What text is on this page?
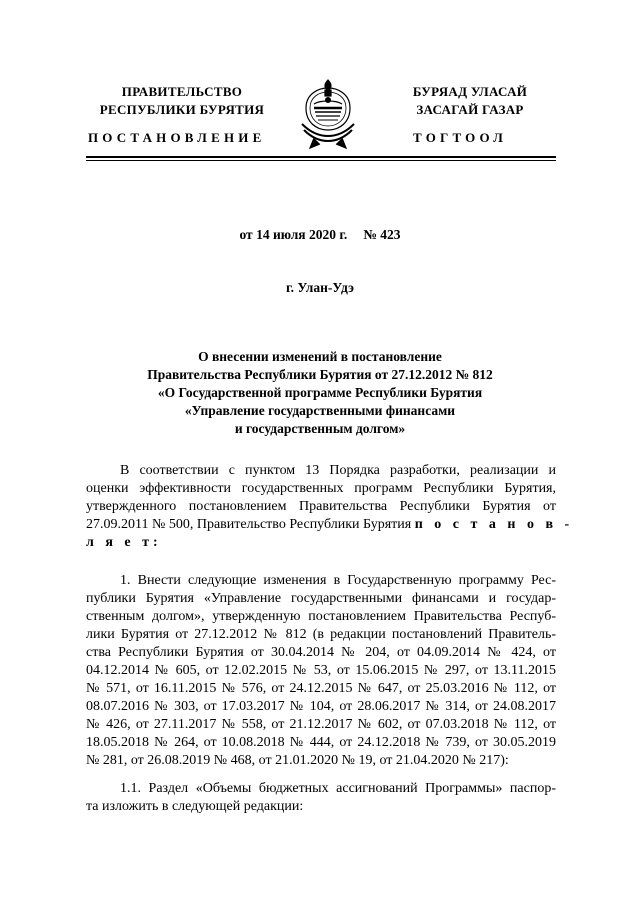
ПРАВИТЕЛЬСТВО
РЕСПУБЛИКИ БУРЯТИЯ
БУРЯАД УЛАСАЙ
ЗАСАГАЙ ГАЗАР
ПОСТАНОВЛЕНИЕ	ТОГТООЛ
от 14 июля 2020 г. № 423
г. Улан-Удэ
О внесении изменений в постановление
Правительства Республики Бурятия от 27.12.2012 № 812
«О Государственной программе Республики Бурятия
«Управление государственными финансами
и государственным долгом»
В соответствии с пунктом 13 Порядка разработки, реализации и
оценки эффективности государственных программ Республики Бурятия,
утвержденного постановлением Правительства Республики Бурятия от
27.09.2011 № 500, Правительство Республики Бурятия п о с т а н о в -
л я е т:
1. Внести следующие изменения в Государственную программу Рес-
публики Бурятия «Управление государственными финансами и государ-
ственным долгом», утвержденную постановлением Правительства Респуб-
лики Бурятия от 27.12.2012 № 812 (в редакции постановлений Правитель-
ства Республики Бурятия от 30.04.2014 № 204, от 04.09.2014 № 424, от
04.12.2014 № 605, от 12.02.2015 № 53, от 15.06.2015 № 297, от 13.11.2015
№ 571, от 16.11.2015 № 576, от 24.12.2015 № 647, от 25.03.2016 № 112, от
08.07.2016 № 303, от 17.03.2017 № 104, от 28.06.2017 № 314, от 24.08.2017
№ 426, от 27.11.2017 № 558, от 21.12.2017 № 602, от 07.03.2018 № 112, от
18.05.2018 № 264, от 10.08.2018 № 444, от 24.12.2018 № 739, от 30.05.2019
№ 281, от 26.08.2019 № 468, от 21.01.2020 № 19, от 21.04.2020 № 217):
1.1. Раздел «Объемы бюджетных ассигнований Программы» паспор-
та изложить в следующей редакции:
